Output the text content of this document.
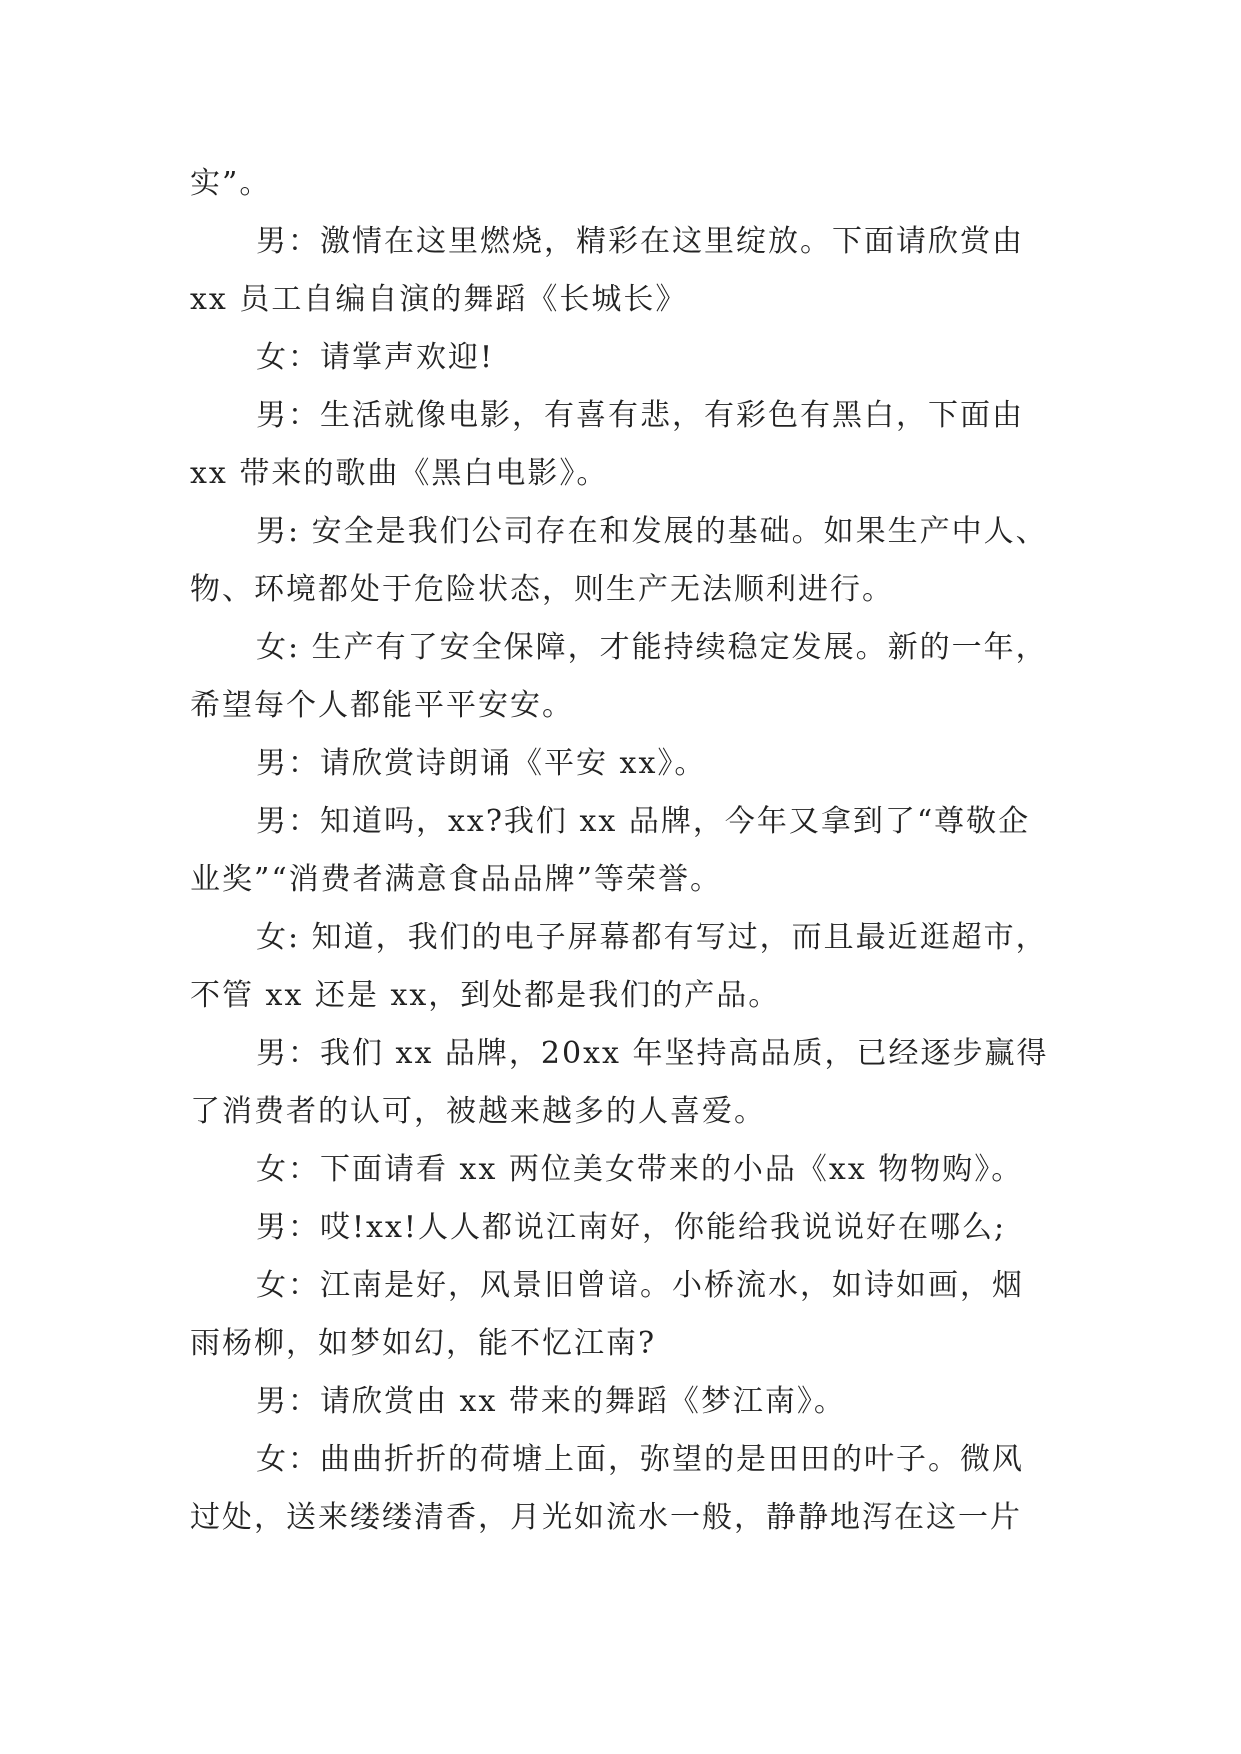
实”。
男：激情在这里燃烧，精彩在这里绽放。下面请欣赏由
xx 员工自编自演的舞蹈《长城长》
女：请掌声欢迎!
男：生活就像电影，有喜有悲，有彩色有黑白，下面由
xx 带来的歌曲《黑白电影》。
男: 安全是我们公司存在和发展的基础。如果生产中人、
物、环境都处于危险状态，则生产无法顺利进行。
女: 生产有了安全保障，才能持续稳定发展。新的一年，
希望每个人都能平平安安。
男：请欣赏诗朗诵《平安 xx》。
男：知道吗，xx?我们 xx 品牌，今年又拿到了“尊敬企
业奖”“消费者满意食品品牌”等荣誉。
女: 知道，我们的电子屏幕都有写过，而且最近逛超市，
不管 xx 还是 xx，到处都是我们的产品。
男：我们 xx 品牌，20xx 年坚持高品质，已经逐步赢得
了消费者的认可，被越来越多的人喜爱。
女：下面请看 xx 两位美女带来的小品《xx 物物购》。
男：哎!xx!人人都说江南好，你能给我说说好在哪么;
女：江南是好，风景旧曾谙。小桥流水，如诗如画，烟
雨杨柳，如梦如幻，能不忆江南?
男：请欣赏由 xx 带来的舞蹈《梦江南》。
女：曲曲折折的荷塘上面，弥望的是田田的叶子。微风
过处，送来缕缕清香，月光如流水一般，静静地泻在这一片
